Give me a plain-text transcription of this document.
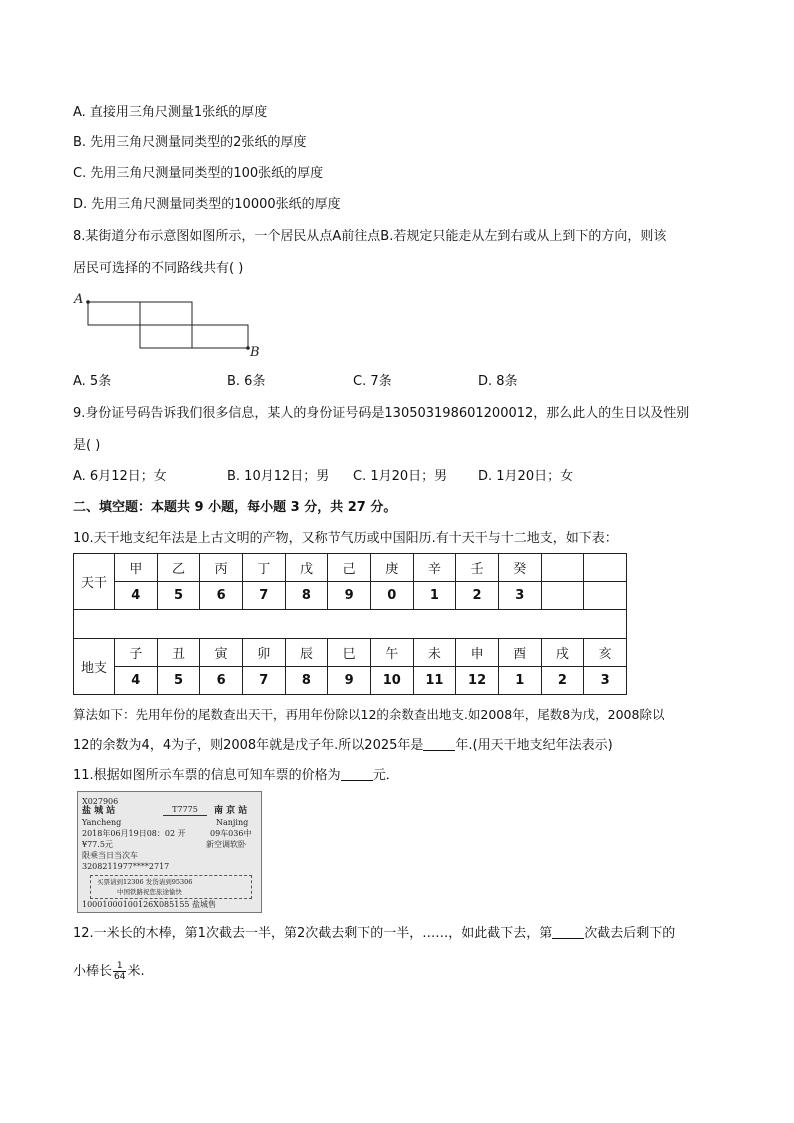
A. 直接用三角尺测量1张纸的厚度
B. 先用三角尺测量同类型的2张纸的厚度
C. 先用三角尺测量同类型的100张纸的厚度
D. 先用三角尺测量同类型的10000张纸的厚度
8.某街道分布示意图如图所示，一个居民从点A前往点B.若规定只能走从左到右或从上到下的方向，则该
居民可选择的不同路线共有( )
A
B
A. 5条	B. 6条	C. 7条	D. 8条
9.身份证号码告诉我们很多信息，某人的身份证号码是130503198601200012，那么此人的生日以及性别
是( )
A. 6月12日；女	B. 10月12日；男 C. 1月20日；男 D. 1月20日；女
二、填空题：本题共 9 小题，每小题 3 分，共 27 分。
10.天干地支纪年法是上古文明的产物，又称节气历或中国阳历.有十天干与十二地支，如下表：
天干	甲	乙	丙	丁	戊	己	庚	辛	壬	癸		
	4	5	6	7	8	9	0	1	2	3		

地支	子	丑	寅	卯	辰	巳	午	未	申	酉	戌	亥
	4	5	6	7	8	9	10	11	12	1	2	3
算法如下：先用年份的尾数查出天干，再用年份除以12的余数查出地支.如2008年，尾数8为戊，2008除以
12的余数为4，4为子，则2008年就是戊子年.所以2025年是 年.(用天干地支纪年法表示)
11.根据如图所示车票的信息可知车票的价格为 元．
X027906
盐 城 站	T7775	南 京 站
Yancheng	Nanjing
2018年06月19日08：02 开	09车036中
¥77.5元	新空调软卧
限乘当日当次车
3208211977****2717
买票请到12306 发货请到95306
中国铁路祝您旅途愉快
10001000100126X085155 盐城售
12.一米长的木棒，第1次截去一半，第2次截去剩下的一半，……，如此截下去，第 次截去后剩下的
小棒长 $\frac{1}{64}$ 米.
